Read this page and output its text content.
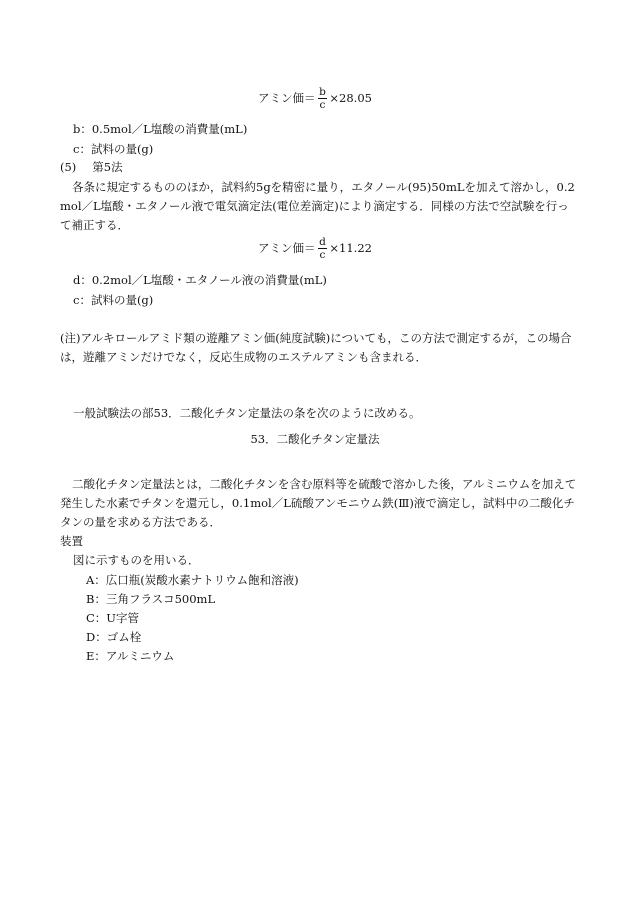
アミン価＝ $\frac{b}{c} \times 28.05$
b：0.5mol／L塩酸の消費量(mL)
c：試料の量(g)
(5) 第5法
各条に規定するもののほか，試料約5gを精密に量り，エタノール(95)50mLを加えて溶かし，0.2mol／L塩酸・エタノール液で電気滴定法(電位差滴定)により滴定する．同様の方法で空試験を行って補正する．
アミン価＝ $\frac{d}{c} \times 11.22$
d：0.2mol／L塩酸・エタノール液の消費量(mL)
c：試料の量(g)
(注)アルキロールアミド類の遊離アミン価(純度試験)についても，この方法で測定するが，この場合は，遊離アミンだけでなく，反応生成物のエステルアミンも含まれる．
一般試験法の部53．二酸化チタン定量法の条を次のように改める。
53．二酸化チタン定量法
二酸化チタン定量法とは，二酸化チタンを含む原料等を硫酸で溶かした後，アルミニウムを加えて発生した水素でチタンを還元し，0.1mol／L硫酸アンモニウム鉄(Ⅲ)液で滴定し，試料中の二酸化チタンの量を求める方法である．
装置
図に示すものを用いる．
A：広口瓶(炭酸水素ナトリウム飽和溶液)
B：三角フラスコ500mL
C：U字管
D：ゴム栓
E：アルミニウム
